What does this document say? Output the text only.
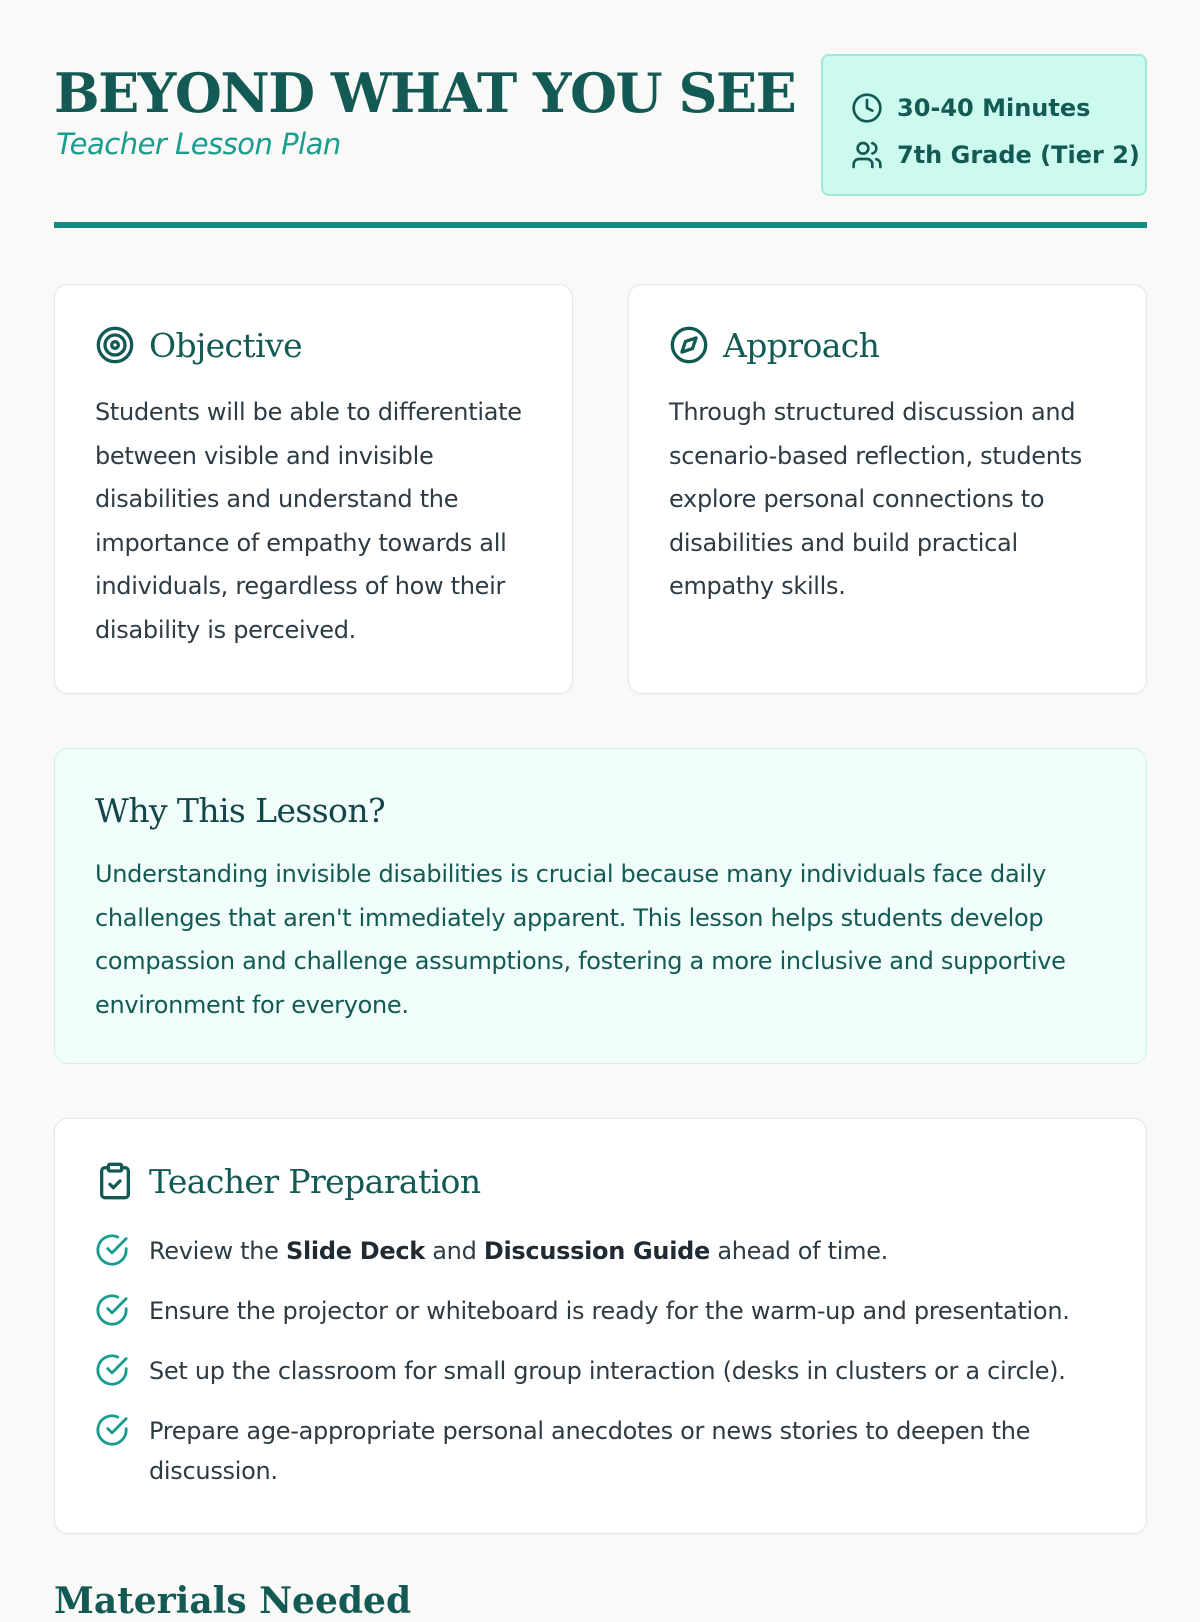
BEYOND WHAT YOU SEE
Teacher Lesson Plan
30-40 Minutes
7th Grade (Tier 2)
Objective

Students will be able to differentiate between visible and invisible disabilities and understand the importance of empathy towards all individuals, regardless of how their disability is perceived.

Approach

Through structured discussion and scenario-based reflection, students explore personal connections to disabilities and build practical empathy skills.

Why This Lesson?

Understanding invisible disabilities is crucial because many individuals face daily challenges that aren't immediately apparent. This lesson helps students develop compassion and challenge assumptions, fostering a more inclusive and supportive environment for everyone.

Teacher Preparation
Review the Slide Deck and Discussion Guide ahead of time.
Ensure the projector or whiteboard is ready for the warm-up and presentation.
Set up the classroom for small group interaction (desks in clusters or a circle).
Prepare age-appropriate personal anecdotes or news stories to deepen the discussion.
Materials Needed
